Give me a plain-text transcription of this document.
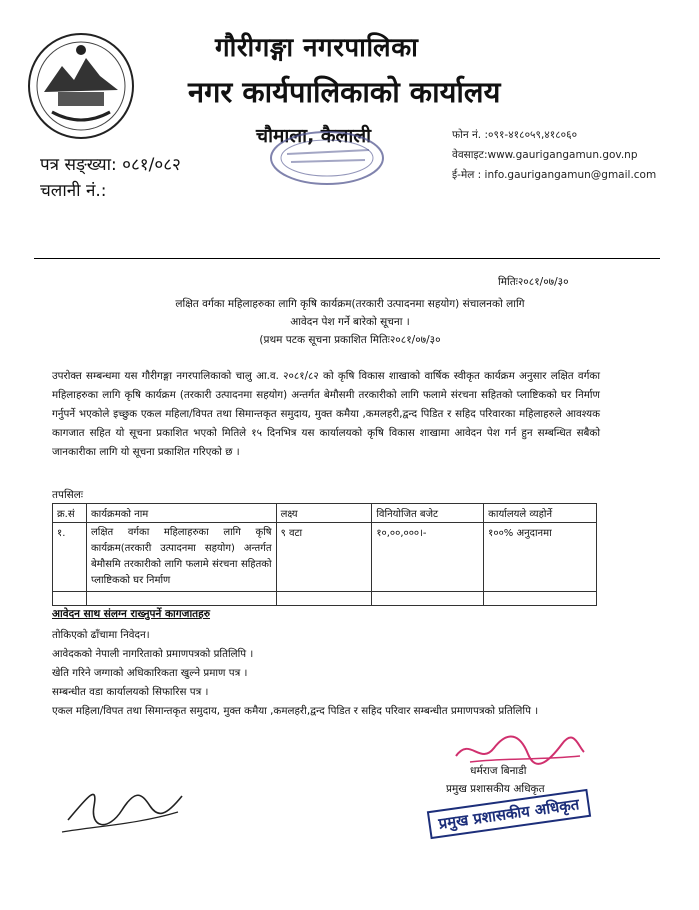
गौरीगङ्गा नगरपालिका
नगर कार्यपालिकाको कार्यालय
चौमाला, कैलाली	फोन नं. :०९१-४१८०५९,४१८०६०
वेवसाइट:www.gaurigangamun.gov.np
ई-मेल : info.gaurigangamun@gmail.com
पत्र सङ्ख्या: ०८१/०८२
चलानी नं.:
मितिः२०८१/०७/३०
लक्षित वर्गका महिलाहरुका लागि कृषि कार्यक्रम(तरकारी उत्पादनमा सहयोग) संचालनको लागि
आवेदन पेश गर्ने बारेको सूचना ।
(प्रथम पटक सूचना प्रकाशित मितिः२०८१/०७/३०
उपरोक्त सम्बन्धमा यस गौरीगङ्गा नगरपालिकाको चालु आ.व. २०८१/८२ को कृषि विकास शाखाको वार्षिक स्वीकृत कार्यक्रम अनुसार लक्षित वर्गका महिलाहरुका लागि कृषि कार्यक्रम (तरकारी उत्पादनमा सहयोग) अन्तर्गत बेमौसमी तरकारीको लागि फलामे संरचना सहितको प्लाष्टिकको घर निर्माण गर्नुपर्ने भएकोले इच्छुक एकल महिला/विपत तथा सिमान्तकृत समुदाय, मुक्त कमैया ,कमलहरी,द्वन्द पिडित र सहिद परिवारका महिलाहरुले आवश्यक कागजात सहित यो सूचना प्रकाशित भएको मितिले १५ दिनभित्र यस कार्यालयको कृषि विकास शाखामा आवेदन पेश गर्न हुन सम्बन्धित सबैको जानकारीका लागि यो सूचना प्रकाशित गरिएको छ ।
तपसिलः
क्र.सं	कार्यक्रमको नाम	लक्ष्य	विनियोजित बजेट	कार्यालयले व्यहोर्ने
१.	लक्षित वर्गका महिलाहरुका लागि कृषि कार्यक्रम(तरकारी उत्पादनमा सहयोग) अन्तर्गत बेमौसमि तरकारीको लागि फलामे संरचना सहितको प्लाष्टिकको घर निर्माण	९ वटा	१०,००,०००।-	१००% अनुदानमा

आवेदन साथ संलग्न राख्नुपर्ने कागजातहरु
तोकिएको ढाँचामा निवेदन।
आवेदकको नेपाली नागरिताको प्रमाणपत्रको प्रतिलिपि ।
खेति गरिने जग्गाको अधिकारिकता खुल्ने प्रमाण पत्र ।
सम्बन्धीत वडा कार्यालयको सिफारिस पत्र ।
एकल महिला/विपत तथा सिमान्तकृत समुदाय, मुक्त कमैया ,कमलहरी,द्वन्द पिडित र सहिद परिवार सम्बन्धीत प्रमाणपत्रको प्रतिलिपि ।
धर्मराज बिनाडी
प्रमुख प्रशासकीय अधिकृत
प्रमुख प्रशासकीय अधिकृत
